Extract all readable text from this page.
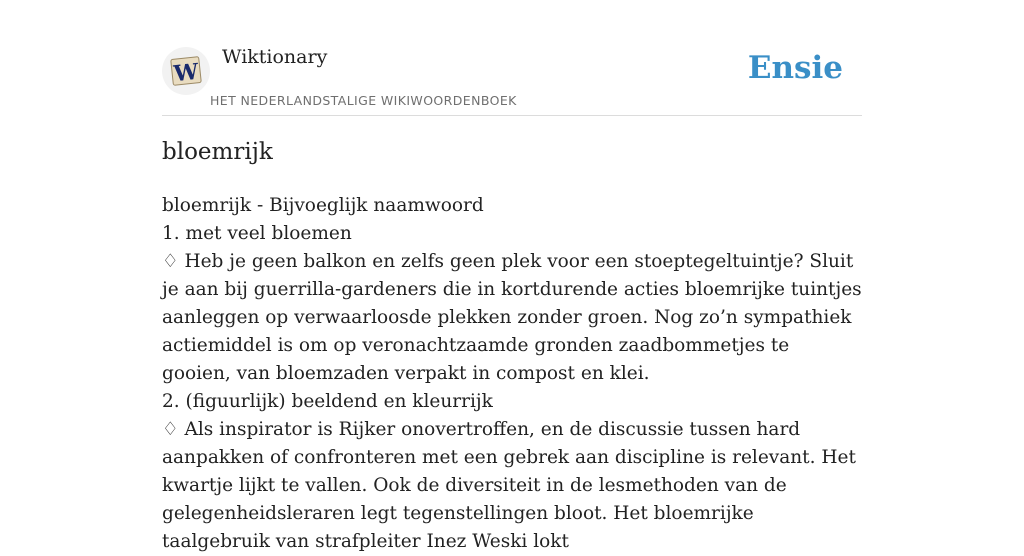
W
Wiktionary
HET NEDERLANDSTALIGE WIKIWOORDENBOEK
Ensie
bloemrijk

bloemrijk - Bijvoeglijk naamwoord

1. met veel bloemen

♢ Heb je geen balkon en zelfs geen plek voor een stoeptegeltuintje? Sluit je aan bij guerrilla-gardeners die in kortdurende acties bloemrijke tuintjes aanleggen op verwaarloosde plekken zonder groen. Nog zo’n sympathiek actiemiddel is om op veronachtzaamde gronden zaadbommetjes te gooien, van bloemzaden verpakt in compost en klei.

2. (figuurlijk) beeldend en kleurrijk

♢ Als inspirator is Rijker onovertroffen, en de discussie tussen hard aanpakken of confronteren met een gebrek aan discipline is relevant. Het kwartje lijkt te vallen. Ook de diversiteit in de lesmethoden van de gelegenheidsleraren legt tegenstellingen bloot. Het bloemrijke taalgebruik van strafpleiter Inez Weski lokt
